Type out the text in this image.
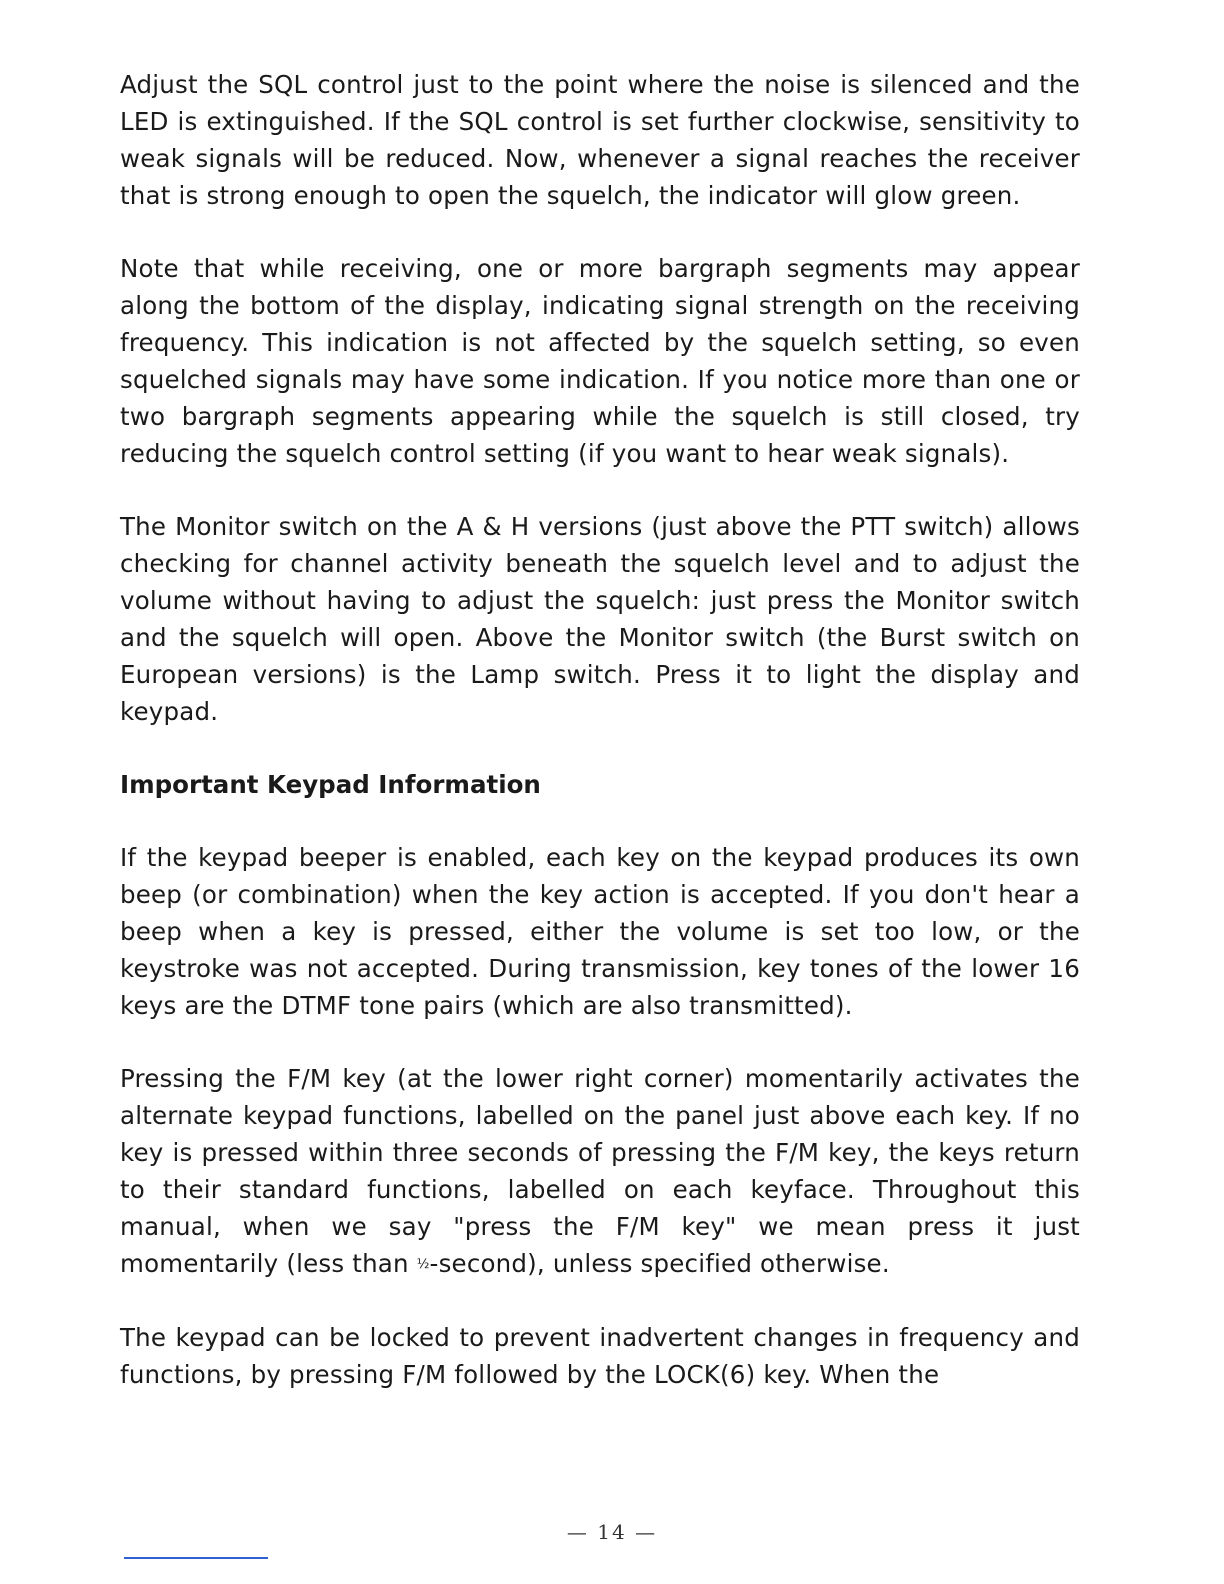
Adjust the SQL control just to the point where the noise is silenced and the LED is extinguished. If the SQL control is set further clockwise, sensitivity to weak signals will be reduced. Now, whenever a signal reaches the receiver that is strong enough to open the squelch, the indicator will glow green.

Note that while receiving, one or more bargraph segments may appear along the bottom of the display, indicating signal strength on the receiving frequency. This indication is not affected by the squelch setting, so even squelched signals may have some indication. If you notice more than one or two bargraph segments appearing while the squelch is still closed, try reducing the squelch control setting (if you want to hear weak signals).

The Monitor switch on the A & H versions (just above the PTT switch) allows checking for channel activity beneath the squelch level and to adjust the volume without having to adjust the squelch: just press the Monitor switch and the squelch will open. Above the Monitor switch (the Burst switch on European versions) is the Lamp switch. Press it to light the display and keypad.

Important Keypad Information

If the keypad beeper is enabled, each key on the keypad produces its own beep (or combination) when the key action is accepted. If you don't hear a beep when a key is pressed, either the volume is set too low, or the keystroke was not accepted. During transmission, key tones of the lower 16 keys are the DTMF tone pairs (which are also transmitted).

Pressing the F/M key (at the lower right corner) momentarily activates the alternate keypad functions, labelled on the panel just above each key. If no key is pressed within three seconds of pressing the F/M key, the keys return to their standard functions, labelled on each keyface. Throughout this manual, when we say "press the F/M key" we mean press it just momentarily (less than ½-second), unless specified otherwise.

The keypad can be locked to prevent inadvertent changes in frequency and functions, by pressing F/M followed by the LOCK(6) key. When the

— 14 —
